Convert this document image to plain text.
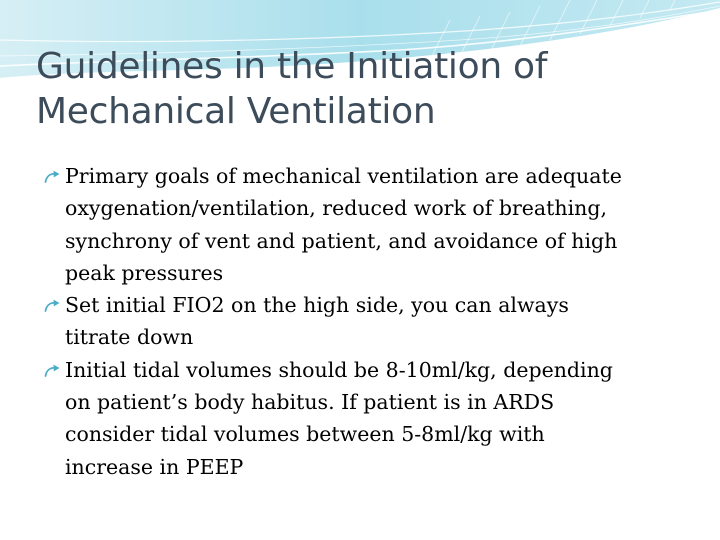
Guidelines in the Initiation of
Mechanical Ventilation
Primary goals of mechanical ventilation are adequate
oxygenation/ventilation, reduced work of breathing,
synchrony of vent and patient, and avoidance of high
peak pressures
Set initial FIO2 on the high side, you can always
titrate down
Initial tidal volumes should be 8-10ml/kg, depending
on patient’s body habitus. If patient is in ARDS
consider tidal volumes between 5-8ml/kg with
increase in PEEP
